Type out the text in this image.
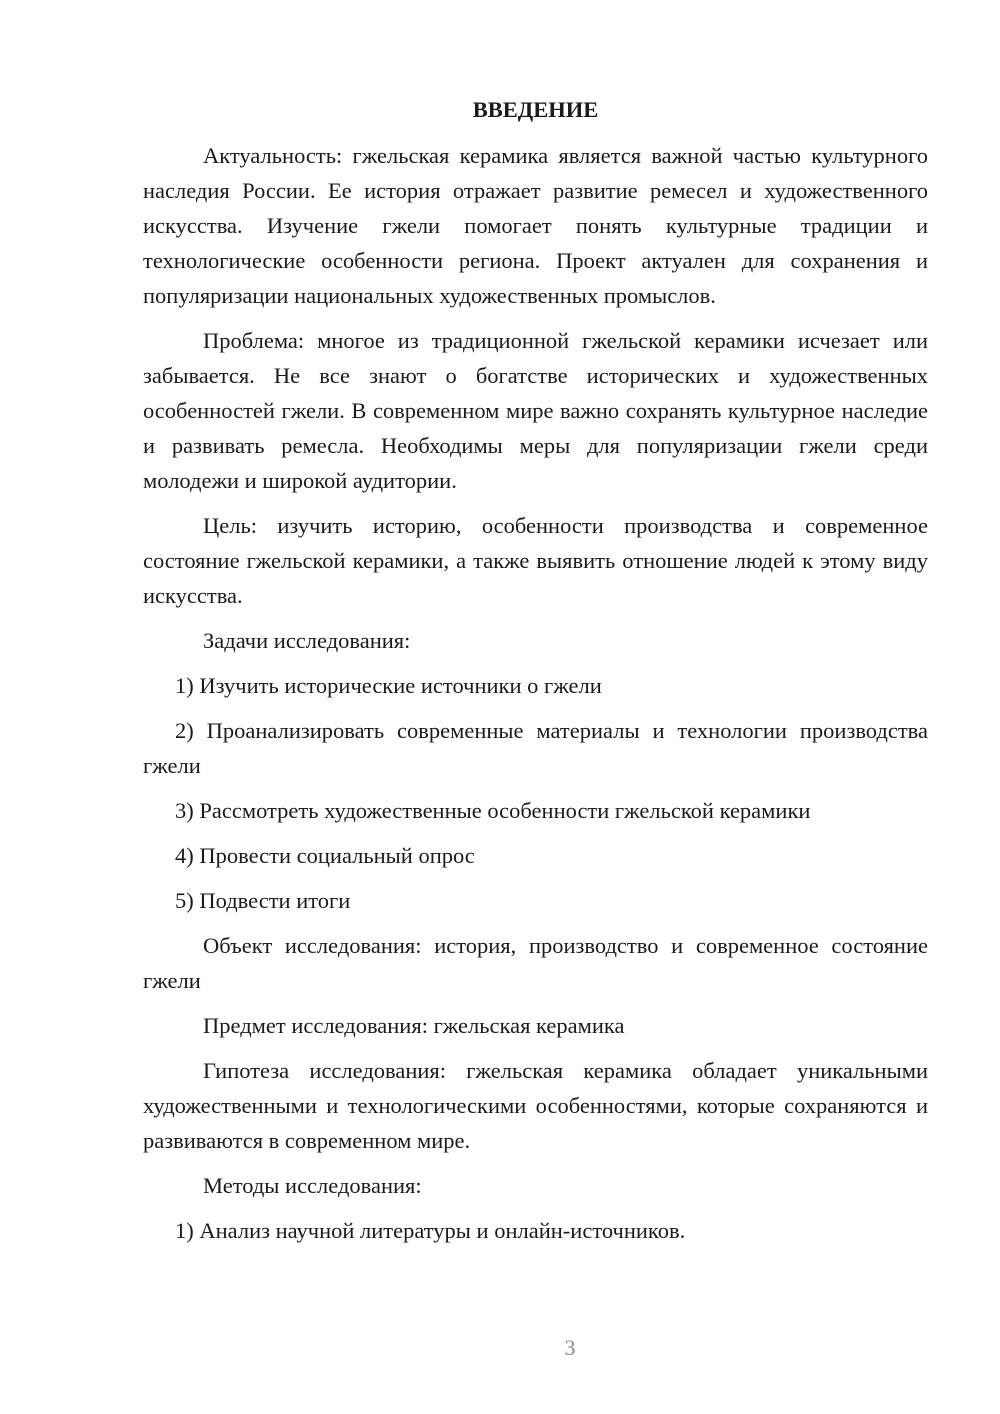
ВВЕДЕНИЕ

Актуальность: гжельская керамика является важной частью культурного наследия России. Ее история отражает развитие ремесел и художественного искусства. Изучение гжели помогает понять культурные традиции и технологические особенности региона. Проект актуален для сохранения и популяризации национальных художественных промыслов.

Проблема: многое из традиционной гжельской керамики исчезает или забывается. Не все знают о богатстве исторических и художественных особенностей гжели. В современном мире важно сохранять культурное наследие и развивать ремесла. Необходимы меры для популяризации гжели среди молодежи и широкой аудитории.

Цель: изучить историю, особенности производства и современное состояние гжельской керамики, а также выявить отношение людей к этому виду искусства.

Задачи исследования:

1) Изучить исторические источники о гжели

2) Проанализировать современные материалы и технологии производства гжели

3) Рассмотреть художественные особенности гжельской керамики

4) Провести социальный опрос

5) Подвести итоги

Объект исследования: история, производство и современное состояние гжели

Предмет исследования: гжельская керамика

Гипотеза исследования: гжельская керамика обладает уникальными художественными и технологическими особенностями, которые сохраняются и развиваются в современном мире.

Методы исследования:

1) Анализ научной литературы и онлайн-источников.

3
